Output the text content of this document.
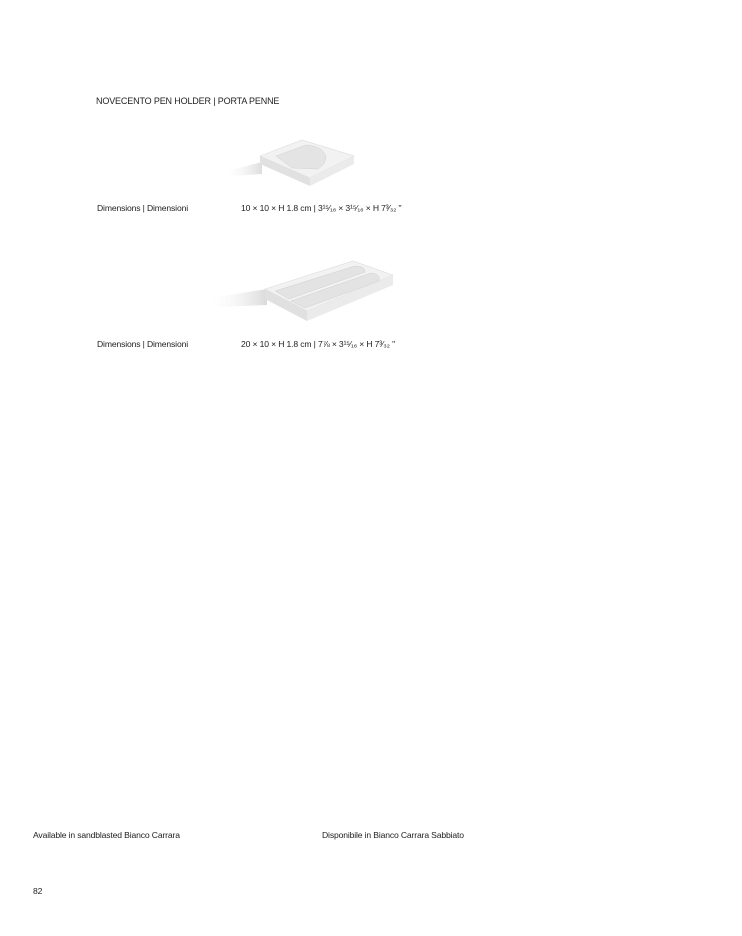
NOVECENTO PEN HOLDER | PORTA PENNE
Dimensions | Dimensioni	10 × 10 × H 1.8 cm | 3¹⁵⁄₁₆ × 3¹⁵⁄₁₆ × H 7³⁄₃₂ "
Dimensions | Dimensioni	20 × 10 × H 1.8 cm | 7⅞ × 3¹⁵⁄₁₆ × H 7³⁄₃₂ "
Available in sandblasted Bianco Carrara	Disponibile in Bianco Carrara Sabbiato
82
